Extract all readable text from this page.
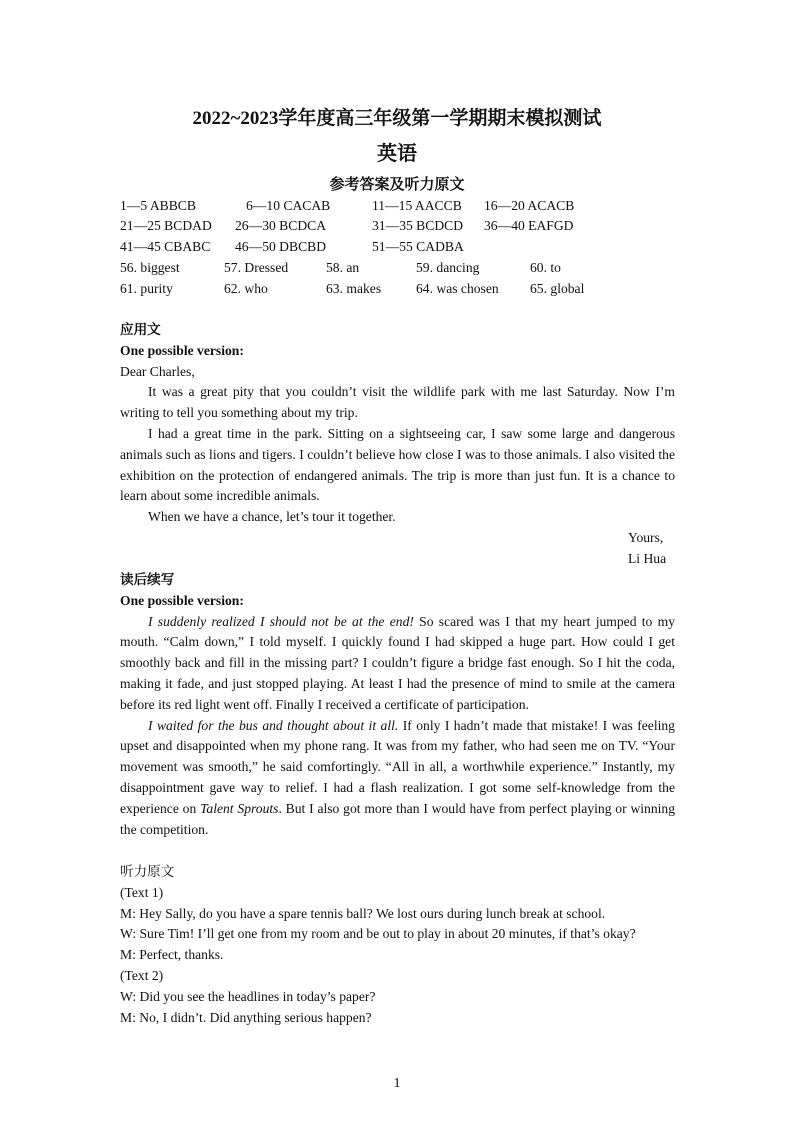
2022~2023学年度高三年级第一学期期末模拟测试
英语
参考答案及听力原文
1—5 ABBCB	6—10 CACAB	11—15 AACCB 16—20 ACACB
21—25 BCDAD 26—30 BCDCA	31—35 BCDCD 36—40 EAFGD
41—45 CBABC 46—50 DBCBD	51—55 CADBA
56. biggest	57. Dressed	58. an	59. dancing	60. to
61. purity	62. who	63. makes	64. was chosen 65. global

应用文

One possible version:

Dear Charles,

It was a great pity that you couldn’t visit the wildlife park with me last Saturday. Now I’m writing to tell you something about my trip.

I had a great time in the park. Sitting on a sightseeing car, I saw some large and dangerous animals such as lions and tigers. I couldn’t believe how close I was to those animals. I also visited the exhibition on the protection of endangered animals. The trip is more than just fun. It is a chance to learn about some incredible animals.

When we have a chance, let’s tour it together.

Yours,

Li Hua

读后续写

One possible version:

I suddenly realized I should not be at the end! So scared was I that my heart jumped to my mouth. “Calm down,” I told myself. I quickly found I had skipped a huge part. How could I get smoothly back and fill in the missing part? I couldn’t figure a bridge fast enough. So I hit the coda, making it fade, and just stopped playing. At least I had the presence of mind to smile at the camera before its red light went off. Finally I received a certificate of participation.

I waited for the bus and thought about it all. If only I hadn’t made that mistake! I was feeling upset and disappointed when my phone rang. It was from my father, who had seen me on TV. “Your movement was smooth,” he said comfortingly. “All in all, a worthwhile experience.” Instantly, my disappointment gave way to relief. I had a flash realization. I got some self-knowledge from the experience on Talent Sprouts. But I also got more than I would have from perfect playing or winning the competition.

听力原文

(Text 1)

M: Hey Sally, do you have a spare tennis ball? We lost ours during lunch break at school.

W: Sure Tim! I’ll get one from my room and be out to play in about 20 minutes, if that’s okay?

M: Perfect, thanks.

(Text 2)

W: Did you see the headlines in today’s paper?

M: No, I didn’t. Did anything serious happen?

1
